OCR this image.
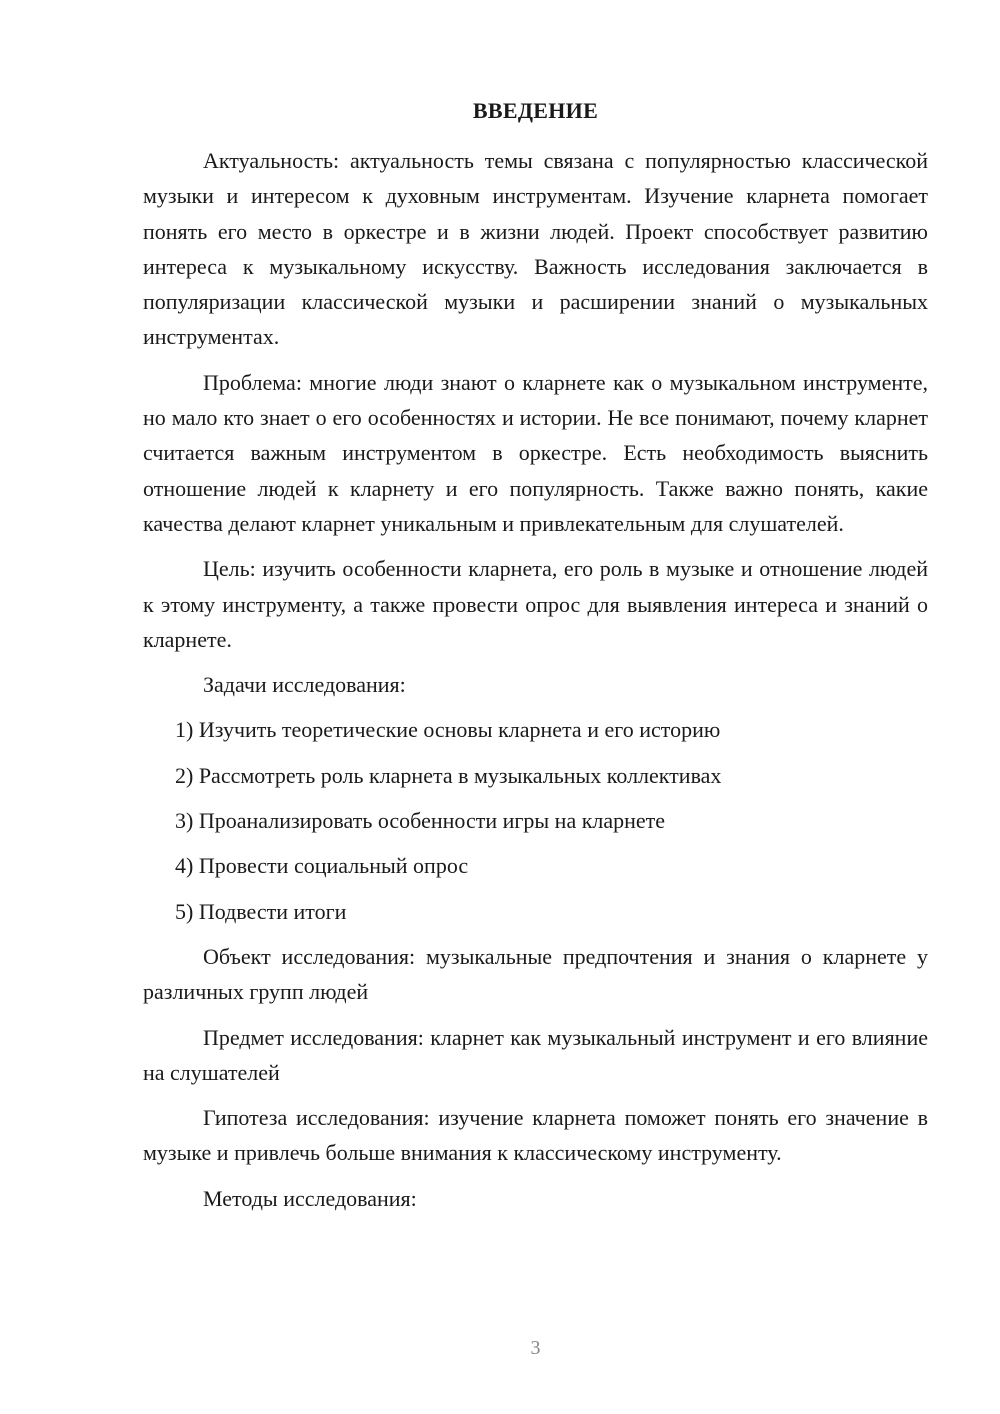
ВВЕДЕНИЕ

Актуальность: актуальность темы связана с популярностью классической музыки и интересом к духовным инструментам. Изучение кларнета помогает понять его место в оркестре и в жизни людей. Проект способствует развитию интереса к музыкальному искусству. Важность исследования заключается в популяризации классической музыки и расширении знаний о музыкальных инструментах.

Проблема: многие люди знают о кларнете как о музыкальном инструменте, но мало кто знает о его особенностях и истории. Не все понимают, почему кларнет считается важным инструментом в оркестре. Есть необходимость выяснить отношение людей к кларнету и его популярность. Также важно понять, какие качества делают кларнет уникальным и привлекательным для слушателей.

Цель: изучить особенности кларнета, его роль в музыке и отношение людей к этому инструменту, а также провести опрос для выявления интереса и знаний о кларнете.

Задачи исследования:

1) Изучить теоретические основы кларнета и его историю
2) Рассмотреть роль кларнета в музыкальных коллективах
3) Проанализировать особенности игры на кларнете
4) Провести социальный опрос
5) Подвести итоги

Объект исследования: музыкальные предпочтения и знания о кларнете у различных групп людей

Предмет исследования: кларнет как музыкальный инструмент и его влияние на слушателей

Гипотеза исследования: изучение кларнета поможет понять его значение в музыке и привлечь больше внимания к классическому инструменту.

Методы исследования:

3
